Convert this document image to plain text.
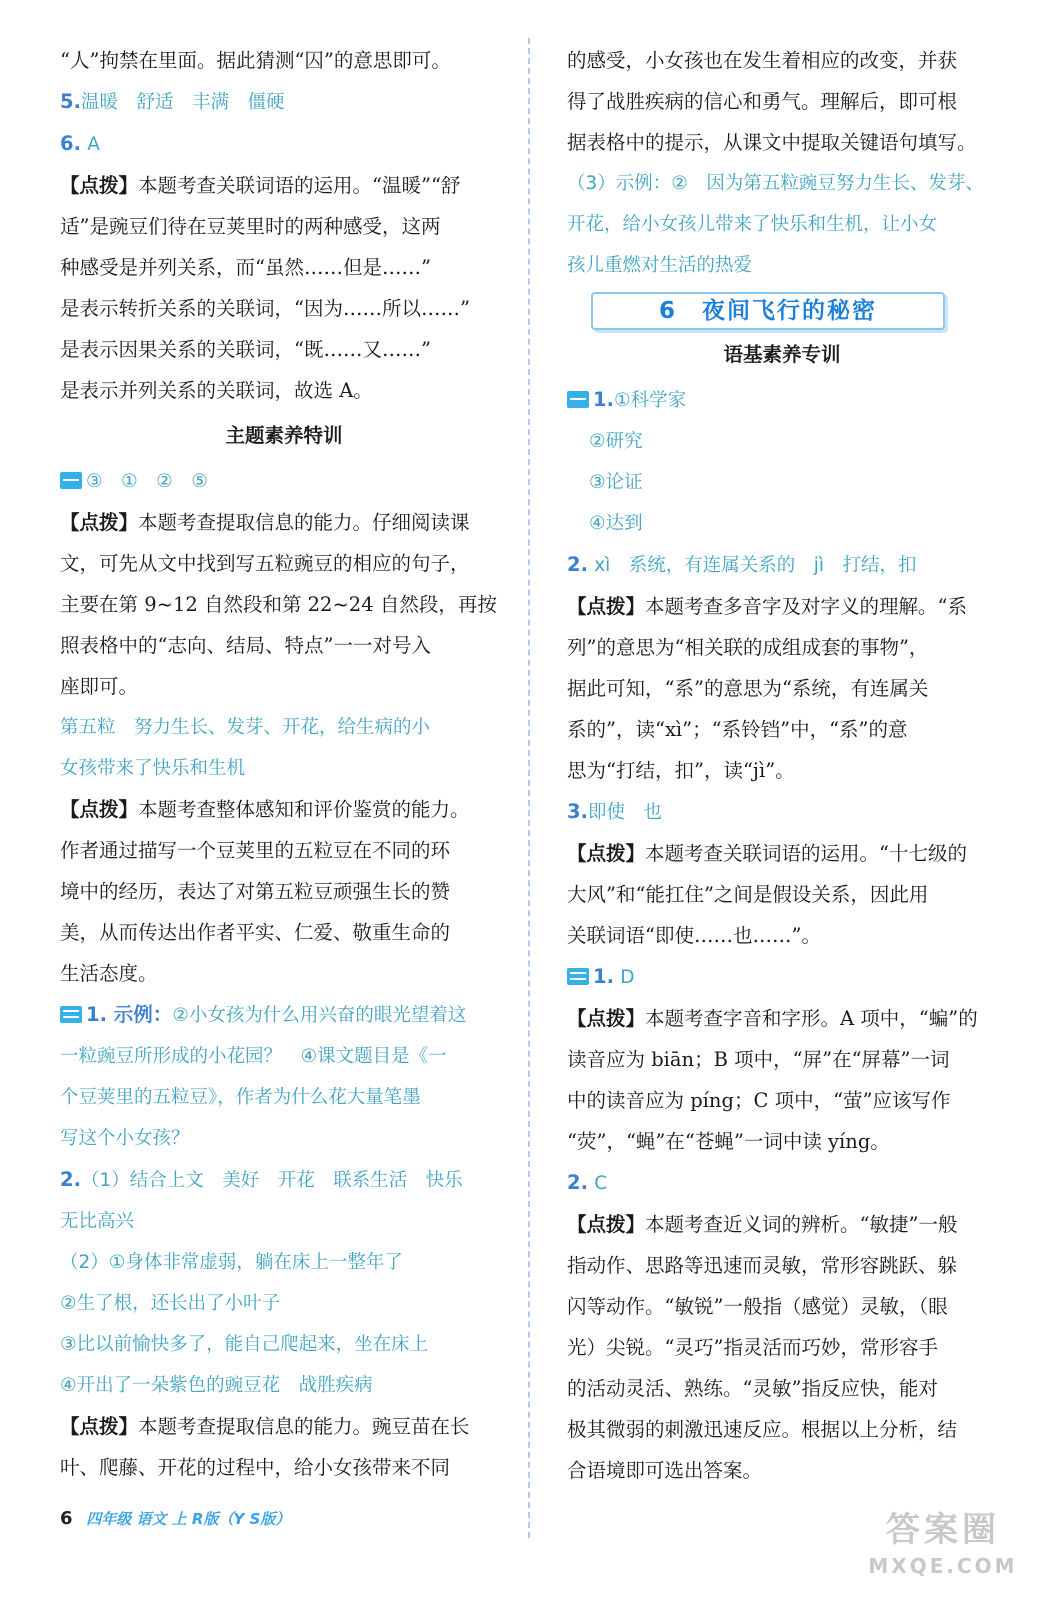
“人”拘禁在里面。据此猜测“囚”的意思即可。

5.温暖　舒适　丰满　僵硬

6. A

【点拨】本题考查关联词语的运用。“温暖”“舒

适”是豌豆们待在豆荚里时的两种感受，这两

种感受是并列关系，而“虽然……但是……”

是表示转折关系的关联词，“因为……所以……”

是表示因果关系的关联词，“既……又……”

是表示并列关系的关联词，故选 A。

主题素养特训

③　①　②　⑤

【点拨】本题考查提取信息的能力。仔细阅读课

文，可先从文中找到写五粒豌豆的相应的句子，

主要在第 9~12 自然段和第 22~24 自然段，再按

照表格中的“志向、结局、特点”一一对号入

座即可。

第五粒　努力生长、发芽、开花，给生病的小

女孩带来了快乐和生机

【点拨】本题考查整体感知和评价鉴赏的能力。

作者通过描写一个豆荚里的五粒豆在不同的环

境中的经历，表达了对第五粒豆顽强生长的赞

美，从而传达出作者平实、仁爱、敬重生命的

生活态度。

1. 示例：②小女孩为什么用兴奋的眼光望着这

一粒豌豆所形成的小花园？　④课文题目是《一

个豆荚里的五粒豆》，作者为什么花大量笔墨

写这个小女孩？

2.（1）结合上文　美好　开花　联系生活　快乐

无比高兴

（2）①身体非常虚弱，躺在床上一整年了

②生了根，还长出了小叶子

③比以前愉快多了，能自己爬起来，坐在床上

④开出了一朵紫色的豌豆花　战胜疾病

【点拨】本题考查提取信息的能力。豌豆苗在长

叶、爬藤、开花的过程中，给小女孩带来不同

的感受，小女孩也在发生着相应的改变，并获

得了战胜疾病的信心和勇气。理解后，即可根

据表格中的提示，从课文中提取关键语句填写。

（3）示例：②　因为第五粒豌豆努力生长、发芽、

开花，给小女孩儿带来了快乐和生机，让小女

孩儿重燃对生活的热爱

6　夜间飞行的秘密

语基素养专训

1.①科学家

②研究

③论证

④达到

2. xì　系统，有连属关系的　jì　打结，扣

【点拨】本题考查多音字及对字义的理解。“系

列”的意思为“相关联的成组成套的事物”，

据此可知，“系”的意思为“系统，有连属关

系的”，读“xì”；“系铃铛”中，“系”的意

思为“打结，扣”，读“jì”。

3.即使　也

【点拨】本题考查关联词语的运用。“十七级的

大风”和“能扛住”之间是假设关系，因此用

关联词语“即使……也……”。

1. D

【点拨】本题考查字音和字形。A 项中，“蝙”的

读音应为 biān；B 项中，“屏”在“屏幕”一词

中的读音应为 píng；C 项中，“萤”应该写作

“荧”，“蝇”在“苍蝇”一词中读 yíng。

2. C

【点拨】本题考查近义词的辨析。“敏捷”一般

指动作、思路等迅速而灵敏，常形容跳跃、躲

闪等动作。“敏锐”一般指（感觉）灵敏，（眼

光）尖锐。“灵巧”指灵活而巧妙，常形容手

的活动灵活、熟练。“灵敏”指反应快，能对

极其微弱的刺激迅速反应。根据以上分析，结

合语境即可选出答案。

6 四年级 语文 上 R版（Y S版）	答案圈
MXQE.COM
